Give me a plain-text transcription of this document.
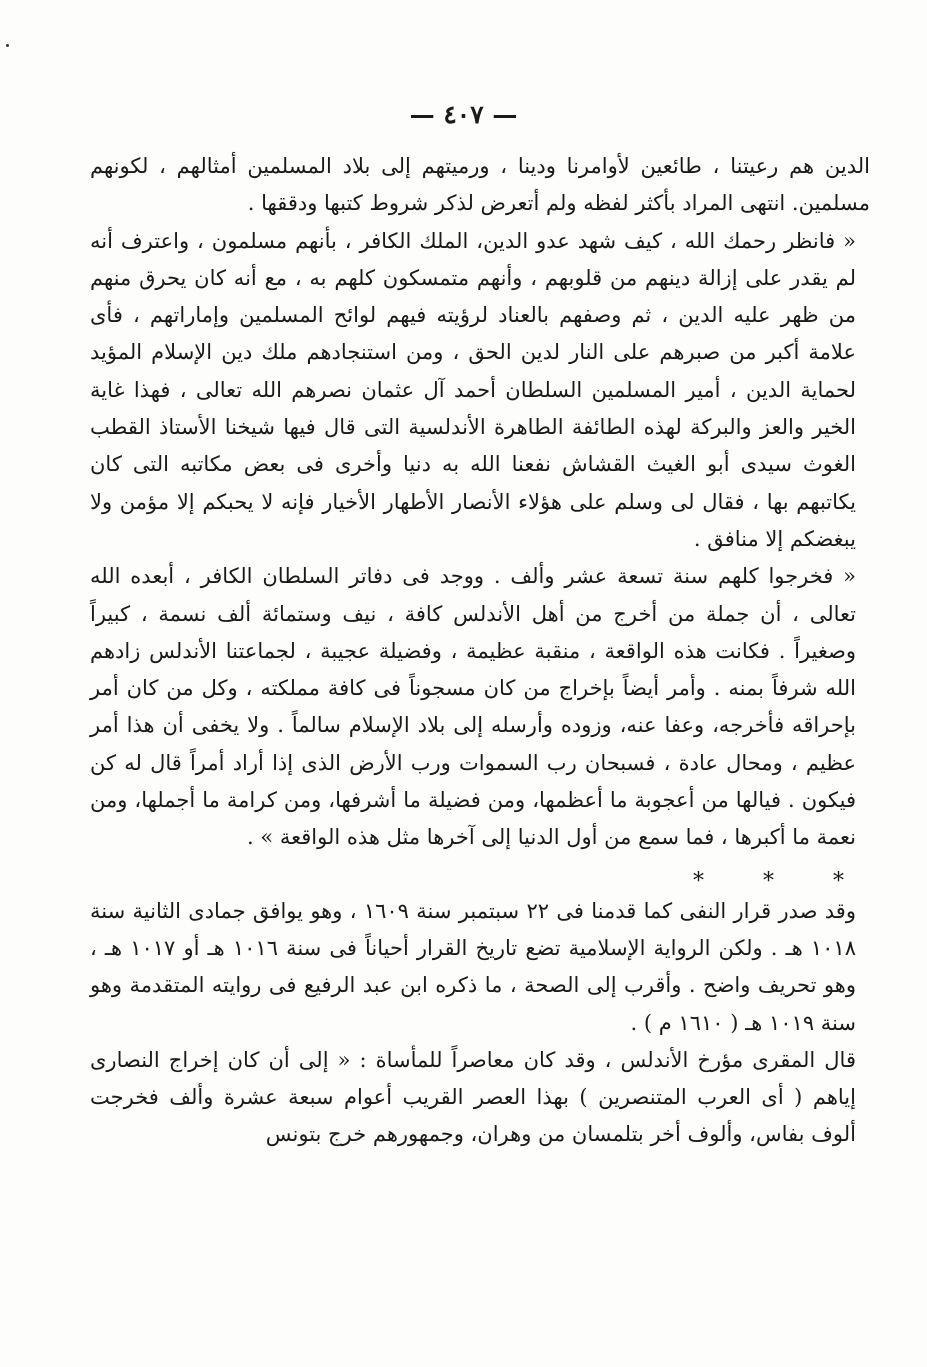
— ٤٠٧ —

الدين هم رعيتنا ، طائعين لأوامرنا ودينا ، ورميتهم إلى بلاد المسلمين أمثالهم ، لكونهم مسلمين. انتهى المراد بأكثر لفظه ولم أتعرض لذكر شروط كتبها ودققها .

« فانظر رحمك الله ، كيف شهد عدو الدين، الملك الكافر ، بأنهم مسلمون ، واعترف أنه لم يقدر على إزالة دينهم من قلوبهم ، وأنهم متمسكون كلهم به ، مع أنه كان يحرق منهم من ظهر عليه الدين ، ثم وصفهم بالعناد لرؤيته فيهم لوائح المسلمين وإماراتهم ، فأى علامة أكبر من صبرهم على النار لدين الحق ، ومن استنجادهم ملك دين الإسلام المؤيد لحماية الدين ، أمير المسلمين السلطان أحمد آل عثمان نصرهم الله تعالى ، فهذا غاية الخير والعز والبركة لهذه الطائفة الطاهرة الأندلسية التى قال فيها شيخنا الأستاذ القطب الغوث سيدى أبو الغيث القشاش نفعنا الله به دنيا وأخرى فى بعض مكاتبه التى كان يكاتبهم بها ، فقال لى وسلم على هؤلاء الأنصار الأطهار الأخيار فإنه لا يحبكم إلا مؤمن ولا يبغضكم إلا منافق .

« فخرجوا كلهم سنة تسعة عشر وألف . ووجد فى دفاتر السلطان الكافر ، أبعده الله تعالى ، أن جملة من أخرج من أهل الأندلس كافة ، نيف وستمائة ألف نسمة ، كبيراً وصغيراً . فكانت هذه الواقعة ، منقبة عظيمة ، وفضيلة عجيبة ، لجماعتنا الأندلس زادهم الله شرفاً بمنه . وأمر أيضاً بإخراج من كان مسجوناً فى كافة مملكته ، وكل من كان أمر بإحراقه فأخرجه، وعفا عنه، وزوده وأرسله إلى بلاد الإسلام سالماً . ولا يخفى أن هذا أمر عظيم ، ومحال عادة ، فسبحان رب السموات ورب الأرض الذى إذا أراد أمراً قال له كن فيكون . فيالها من أعجوبة ما أعظمها، ومن فضيلة ما أشرفها، ومن كرامة ما أجملها، ومن نعمة ما أكبرها ، فما سمع من أول الدنيا إلى آخرها مثل هذه الواقعة » .

* * *

وقد صدر قرار النفى كما قدمنا فى ٢٢ سبتمبر سنة ١٦٠٩ ، وهو يوافق جمادى الثانية سنة ١٠١٨ هـ . ولكن الرواية الإسلامية تضع تاريخ القرار أحياناً فى سنة ١٠١٦ هـ أو ١٠١٧ هـ ، وهو تحريف واضح . وأقرب إلى الصحة ، ما ذكره ابن عبد الرفيع فى روايته المتقدمة وهو سنة ١٠١٩ هـ ( ١٦١٠ م ) .

قال المقرى مؤرخ الأندلس ، وقد كان معاصراً للمأساة : « إلى أن كان إخراج النصارى إياهم ( أى العرب المتنصرين ) بهذا العصر القريب أعوام سبعة عشرة وألف فخرجت ألوف بفاس، وألوف أخر بتلمسان من وهران، وجمهورهم خرج بتونس
